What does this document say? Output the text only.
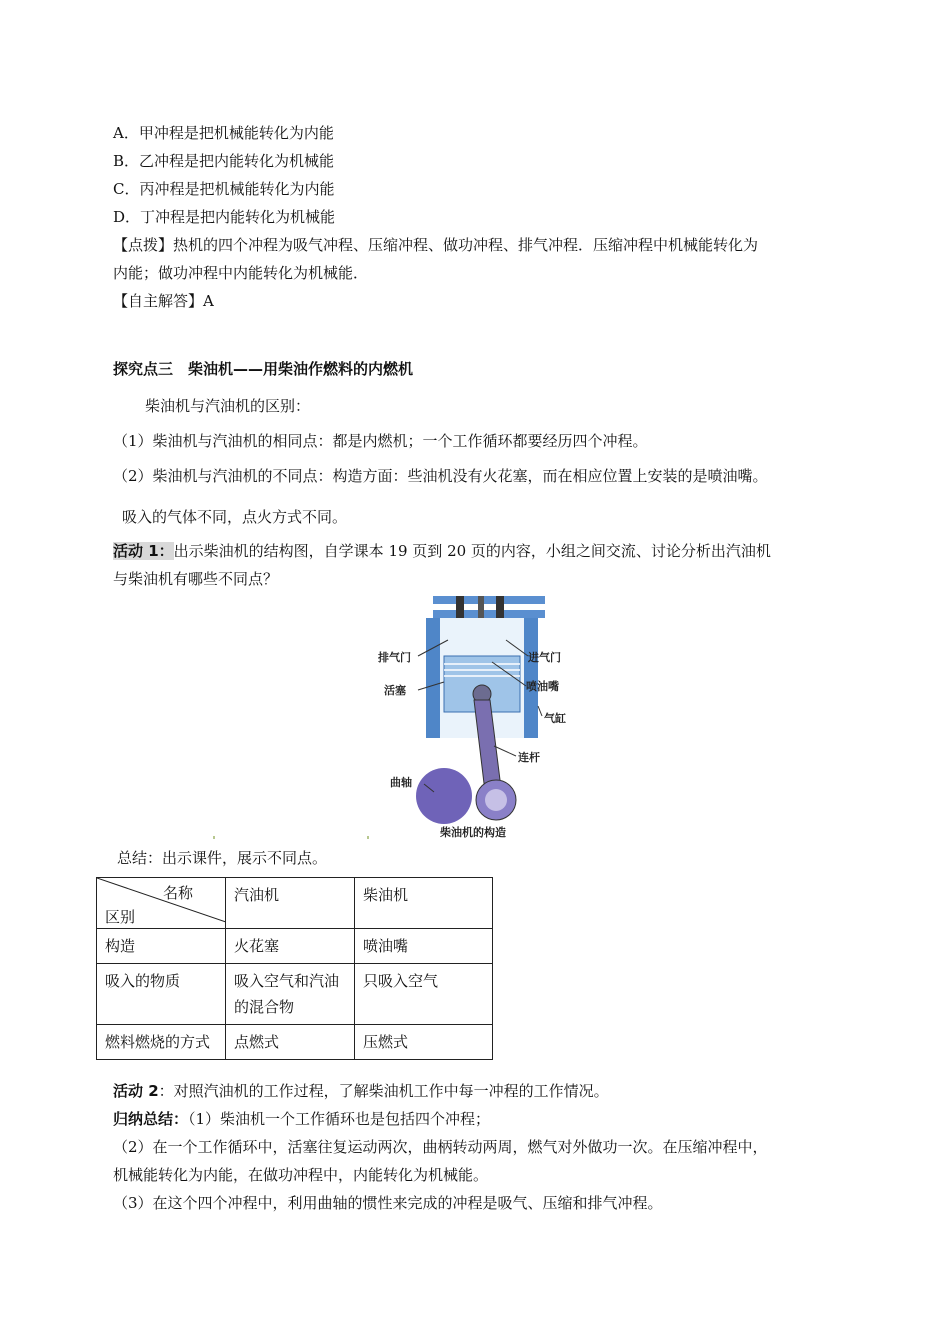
A．甲冲程是把机械能转化为内能
B．乙冲程是把内能转化为机械能
C．丙冲程是把机械能转化为内能
D．丁冲程是把内能转化为机械能
【点拨】热机的四个冲程为吸气冲程、压缩冲程、做功冲程、排气冲程．压缩冲程中机械能转化为
内能；做功冲程中内能转化为机械能．
【自主解答】A
探究点三　柴油机——用柴油作燃料的内燃机
柴油机与汽油机的区别：
（1）柴油机与汽油机的相同点：都是内燃机；一个工作循环都要经历四个冲程。
（2）柴油机与汽油机的不同点：构造方面：些油机没有火花塞，而在相应位置上安装的是喷油嘴。
吸入的气体不同，点火方式不同。
活动 1：出示柴油机的结构图，自学课本 19 页到 20 页的内容，小组之间交流、讨论分析出汽油机
与柴油机有哪些不同点？
排气门	进气门
活塞	喷油嘴
气缸
连杆
曲轴
柴油机的构造
总结：出示课件，展示不同点。
名称
区别	汽油机	柴油机
构造	火花塞	喷油嘴
吸入的物质	吸入空气和汽油的混合物	只吸入空气
燃料燃烧的方式	点燃式	压燃式
活动 2：对照汽油机的工作过程，了解柴油机工作中每一冲程的工作情况。
归纳总结：（1）柴油机一个工作循环也是包括四个冲程；
（2）在一个工作循环中，活塞往复运动两次，曲柄转动两周，燃气对外做功一次。在压缩冲程中，
机械能转化为内能，在做功冲程中，内能转化为机械能。
（3）在这个四个冲程中，利用曲轴的惯性来完成的冲程是吸气、压缩和排气冲程。
